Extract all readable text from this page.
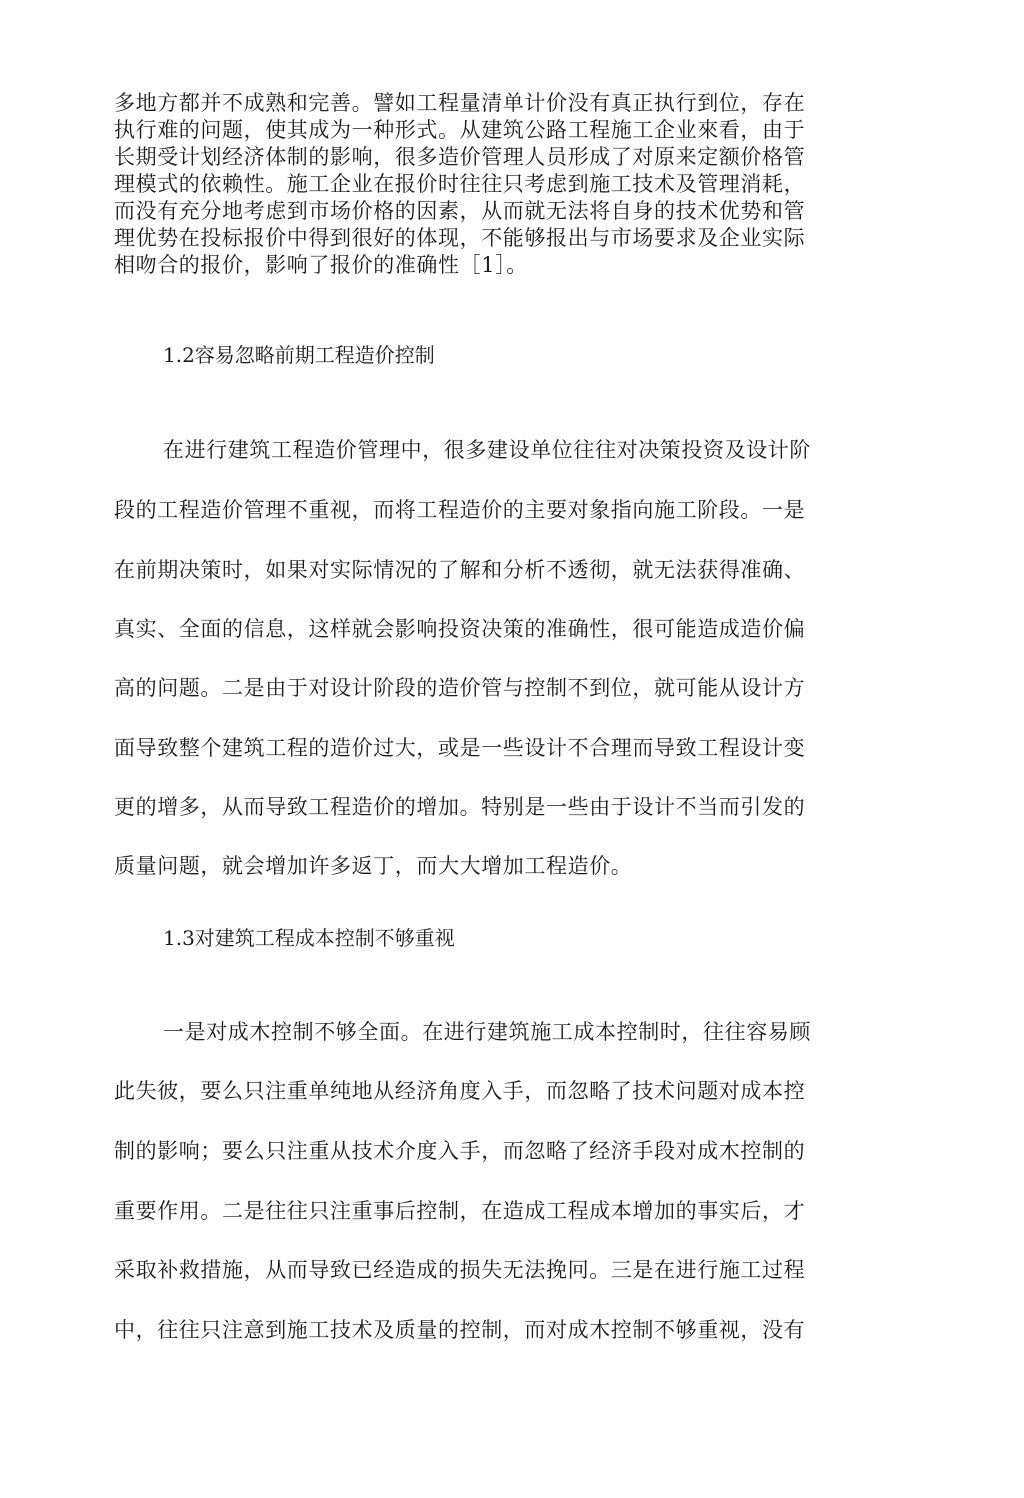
多地方都并不成熟和完善。譬如工程量清单计价没有真正执行到位，存在
执行难的问题，使其成为一种形式。从建筑公路工程施工企业來看，由于
长期受计划经济体制的影响，很多造价管理人员形成了对原来定额价格管
理模式的依赖性。施工企业在报价时往往只考虑到施工技术及管理消耗，
而没有充分地考虑到市场价格的因素，从而就无法将自身的技术优势和管
理优势在投标报价中得到很好的体现，不能够报出与市场要求及企业实际
相吻合的报价，影响了报价的准确性［1］。
1.2容易忽略前期工程造价控制
在进行建筑工程造价管理中，很多建设单位往往对决策投资及设计阶
段的工程造价管理不重视，而将工程造价的主要对象指向施工阶段。一是
在前期决策时，如果对实际情况的了解和分析不透彻，就无法获得准确、
真实、全面的信息，这样就会影响投资决策的准确性，很可能造成造价偏
高的问题。二是由于对设计阶段的造价管与控制不到位，就可能从设计方
面导致整个建筑工程的造价过大，或是一些设计不合理而导致工程设计变
更的增多，从而导致工程造价的增加。特别是一些由于设计不当而引发的
质量问题，就会增加许多返丁，而大大增加工程造价。
1.3对建筑工程成本控制不够重视
一是对成木控制不够全面。在进行建筑施工成本控制时，往往容易顾
此失彼，要么只注重单纯地从经济角度入手，而忽略了技术问题对成本控
制的影响；要么只注重从技术介度入手，而忽略了经济手段对成木控制的
重要作用。二是往往只注重事后控制，在造成工程成本增加的事实后，才
采取补救措施，从而导致已经造成的损失无法挽冋。三是在进行施工过程
中，往往只注意到施工技术及质量的控制，而对成木控制不够重视，没有
